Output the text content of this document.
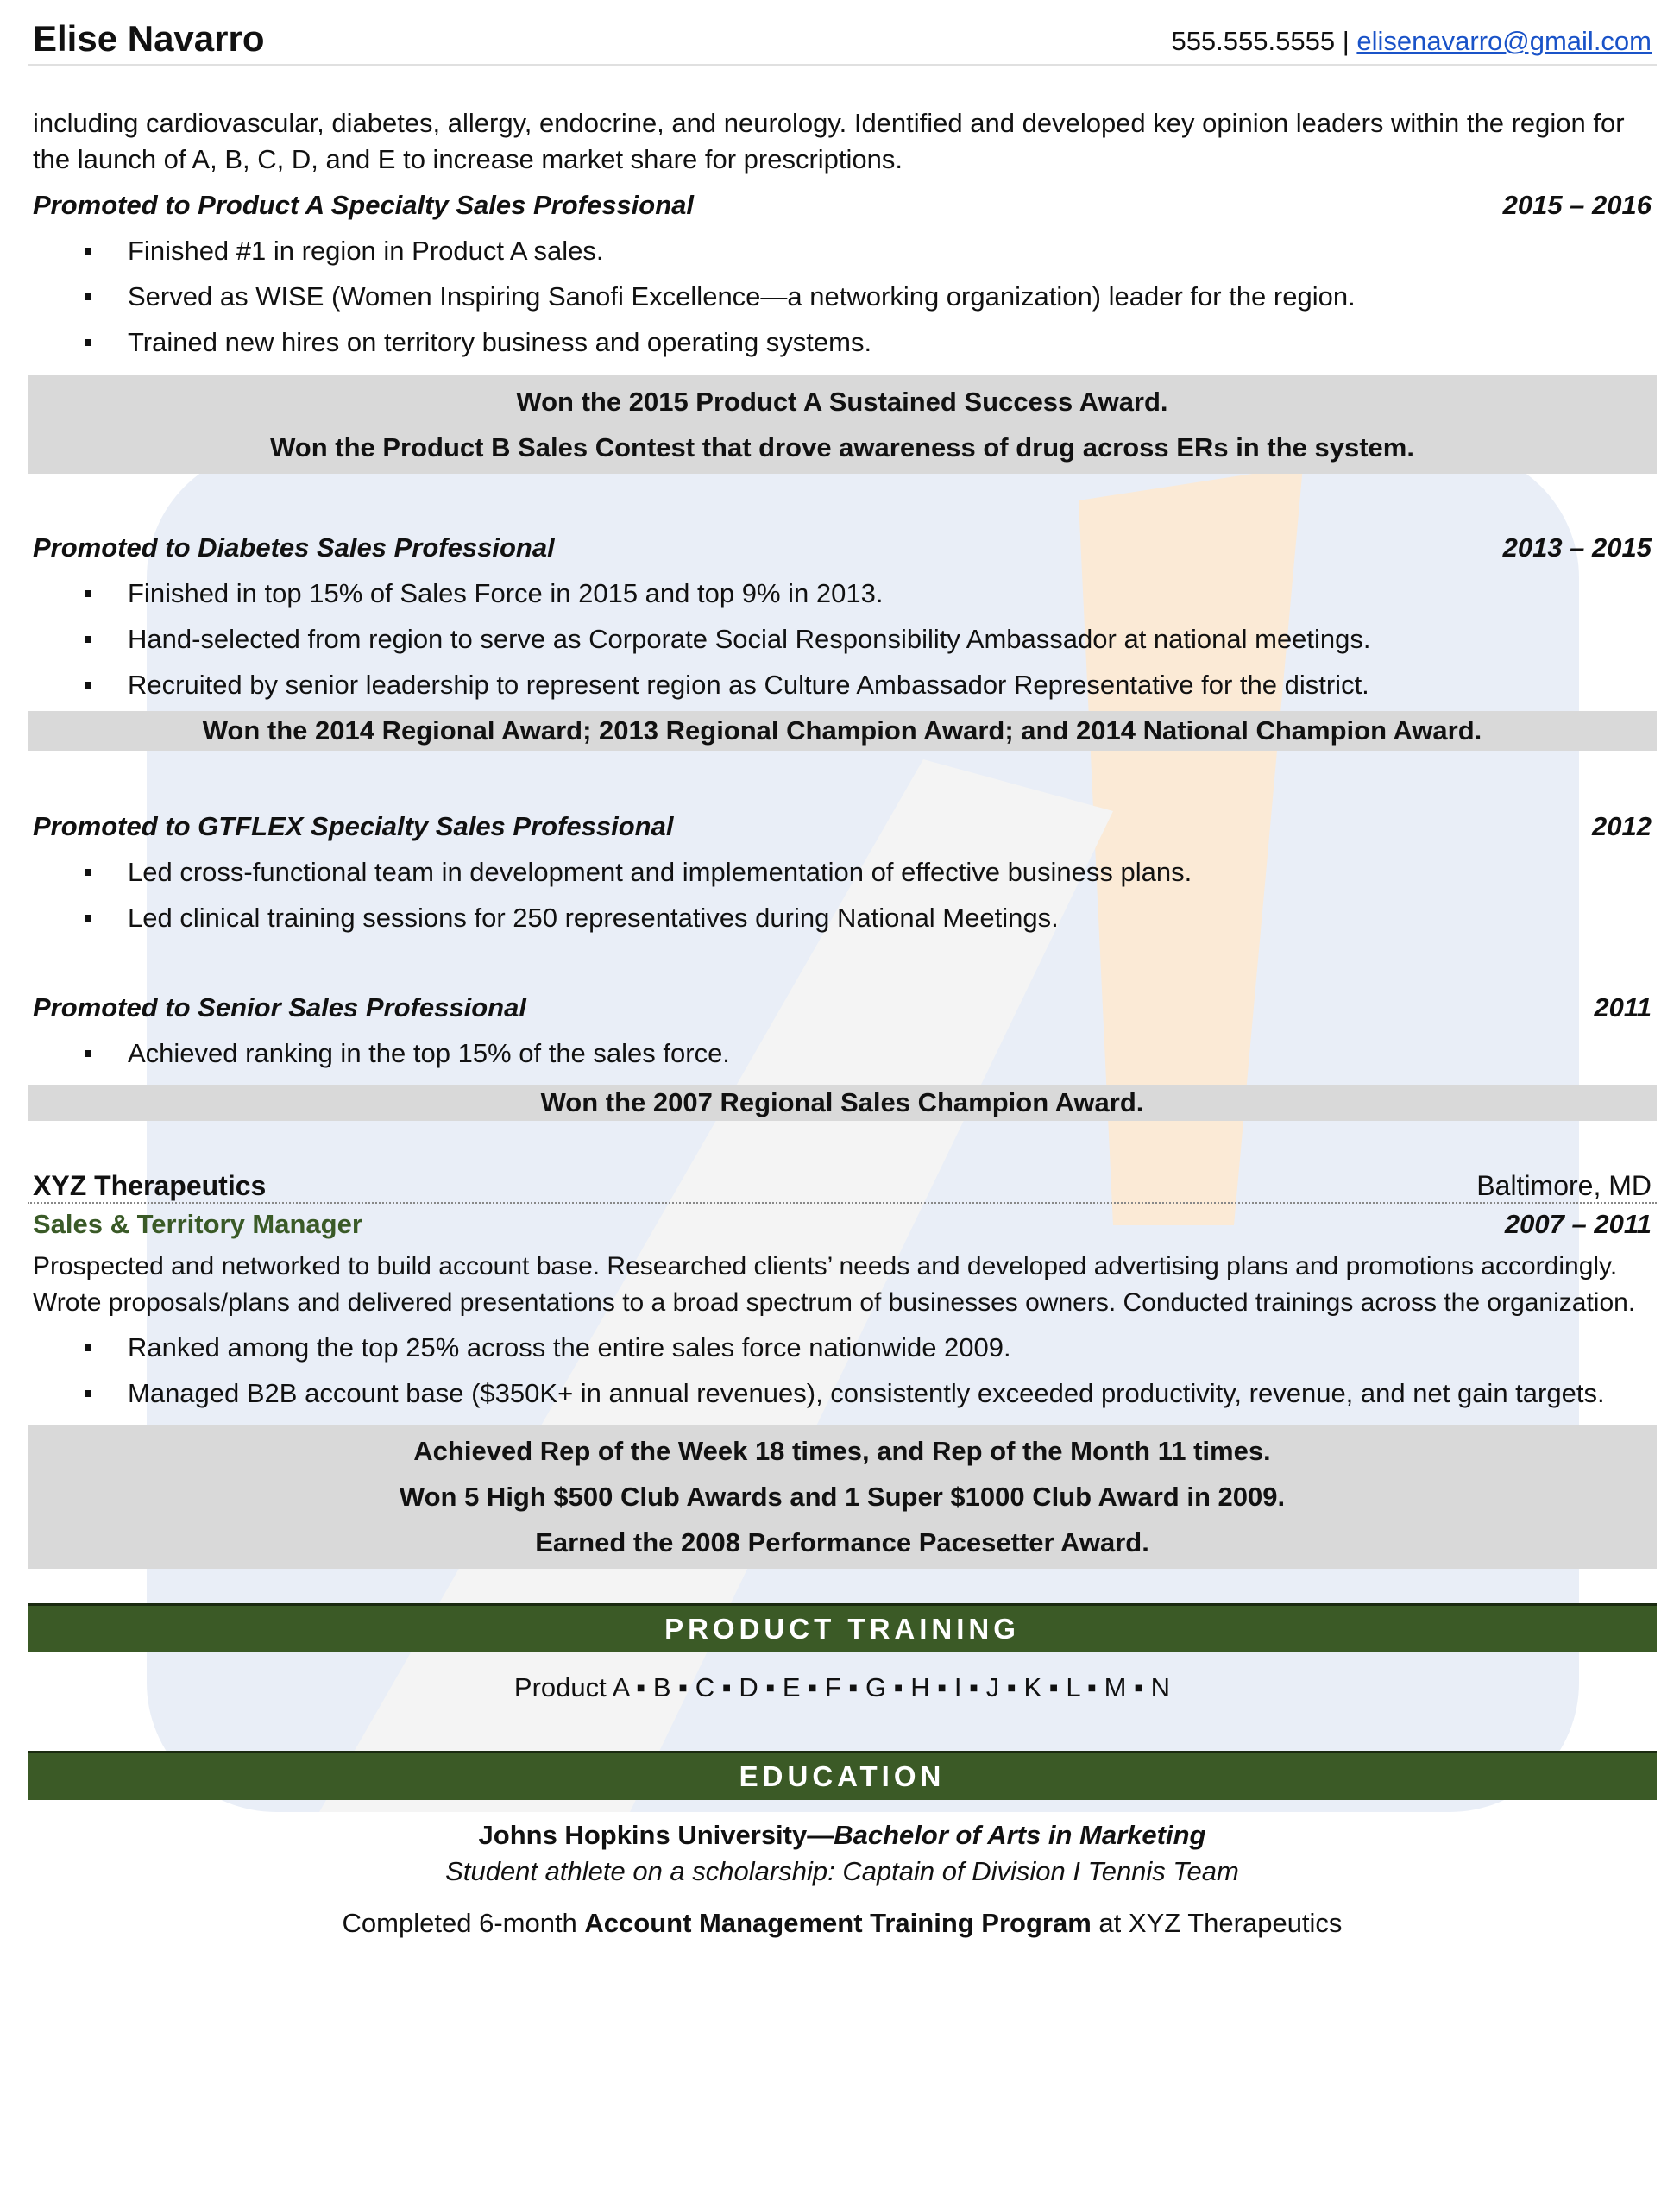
Elise Navarro	555.555.5555 | elisenavarro@gmail.com
including cardiovascular, diabetes, allergy, endocrine, and neurology. Identified and developed key opinion leaders within the region for the launch of A, B, C, D, and E to increase market share for prescriptions.
Promoted to Product A Specialty Sales Professional	2015 – 2016
Finished #1 in region in Product A sales.
Served as WISE (Women Inspiring Sanofi Excellence—a networking organization) leader for the region.
Trained new hires on territory business and operating systems.
Won the 2015 Product A Sustained Success Award.
Won the Product B Sales Contest that drove awareness of drug across ERs in the system.
Promoted to Diabetes Sales Professional	2013 – 2015
Finished in top 15% of Sales Force in 2015 and top 9% in 2013.
Hand-selected from region to serve as Corporate Social Responsibility Ambassador at national meetings.
Recruited by senior leadership to represent region as Culture Ambassador Representative for the district.
Won the 2014 Regional Award; 2013 Regional Champion Award; and 2014 National Champion Award.
Promoted to GTFLEX Specialty Sales Professional	2012
Led cross-functional team in development and implementation of effective business plans.
Led clinical training sessions for 250 representatives during National Meetings.
Promoted to Senior Sales Professional	2011
Achieved ranking in the top 15% of the sales force.
Won the 2007 Regional Sales Champion Award.
XYZ Therapeutics	Baltimore, MD
Sales & Territory Manager	2007 – 2011
Prospected and networked to build account base. Researched clients’ needs and developed advertising plans and promotions accordingly. Wrote proposals/plans and delivered presentations to a broad spectrum of businesses owners. Conducted trainings across the organization.
Ranked among the top 25% across the entire sales force nationwide 2009.
Managed B2B account base ($350K+ in annual revenues), consistently exceeded productivity, revenue, and net gain targets.
Achieved Rep of the Week 18 times, and Rep of the Month 11 times.
Won 5 High $500 Club Awards and 1 Super $1000 Club Award in 2009.
Earned the 2008 Performance Pacesetter Award.
PRODUCT TRAINING
Product A ▪ B ▪ C ▪ D ▪ E ▪ F ▪ G ▪ H ▪ I ▪ J ▪ K ▪ L ▪ M ▪ N
EDUCATION
Johns Hopkins University—Bachelor of Arts in Marketing
Student athlete on a scholarship: Captain of Division I Tennis Team
Completed 6-month Account Management Training Program at XYZ Therapeutics
